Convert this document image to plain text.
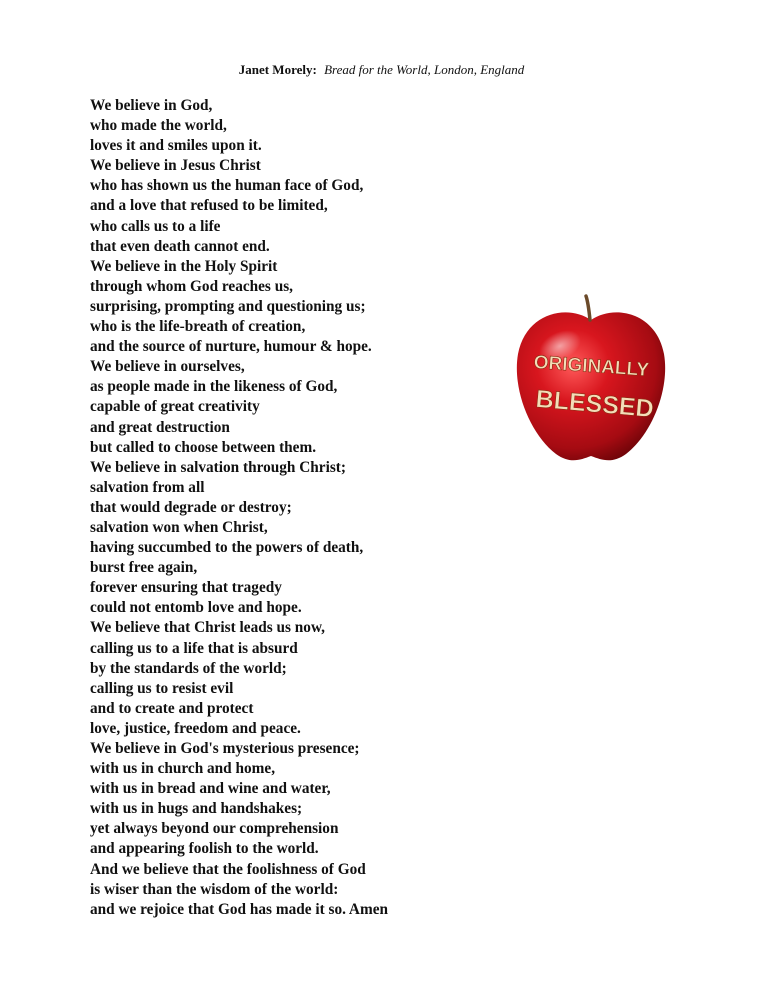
Janet Morely: Bread for the World, London, England
We believe in God,
who made the world,
loves it and smiles upon it.
We believe in Jesus Christ
who has shown us the human face of God,
and a love that refused to be limited,
who calls us to a life
that even death cannot end.
We believe in the Holy Spirit
through whom God reaches us,
surprising, prompting and questioning us;
who is the life-breath of creation,
and the source of nurture, humour & hope.
We believe in ourselves,
as people made in the likeness of God,
capable of great creativity
and great destruction
but called to choose between them.
We believe in salvation through Christ;
salvation from all
that would degrade or destroy;
salvation won when Christ,
having succumbed to the powers of death,
burst free again,
forever ensuring that tragedy
could not entomb love and hope.
We believe that Christ leads us now,
calling us to a life that is absurd
by the standards of the world;
calling us to resist evil
and to create and protect
love, justice, freedom and peace.
We believe in God's mysterious presence;
with us in church and home,
with us in bread and wine and water,
with us in hugs and handshakes;
yet always beyond our comprehension
and appearing foolish to the world.
And we believe that the foolishness of God
is wiser than the wisdom of the world:
and we rejoice that God has made it so. Amen
ORIGINALLY
BLESSED
